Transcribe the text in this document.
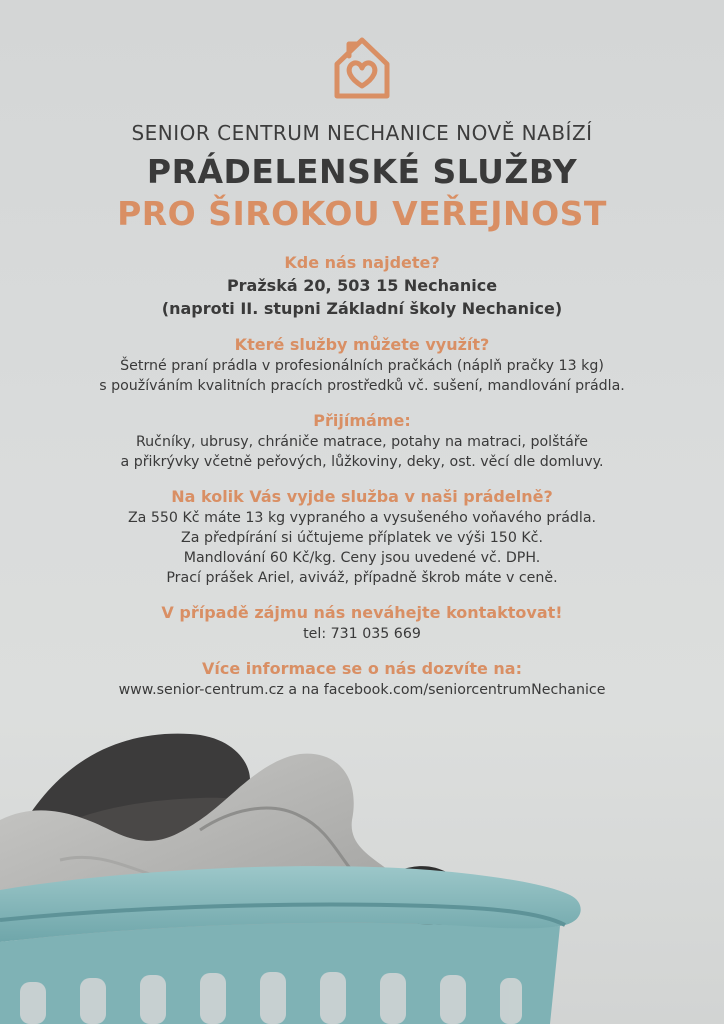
SENIOR CENTRUM NECHANICE NOVĚ NABÍZÍ

PRÁDELENSKÉ SLUŽBY
PRO ŠIROKOU VEŘEJNOST
Kde nás najdete?

Pražská 20, 503 15 Nechanice

(naproti II. stupni Základní školy Nechanice)

Které služby můžete využít?

Šetrné praní prádla v profesionálních pračkách (náplň pračky 13 kg)

s používáním kvalitních pracích prostředků vč. sušení, mandlování prádla.

Přijímáme:

Ručníky, ubrusy, chrániče matrace, potahy na matraci, polštáře

a přikrývky včetně peřových, lůžkoviny, deky, ost. věcí dle domluvy.

Na kolik Vás vyjde služba v naši prádelně?

Za 550 Kč máte 13 kg vypraného a vysušeného voňavého prádla.

Za předpírání si účtujeme příplatek ve výši 150 Kč.

Mandlování 60 Kč/kg. Ceny jsou uvedené vč. DPH.

Prací prášek Ariel, aviváž, případně škrob máte v ceně.

V případě zájmu nás neváhejte kontaktovat!

tel: 731 035 669

Více informace se o nás dozvíte na:

www.senior-centrum.cz a na facebook.com/seniorcentrumNechanice
